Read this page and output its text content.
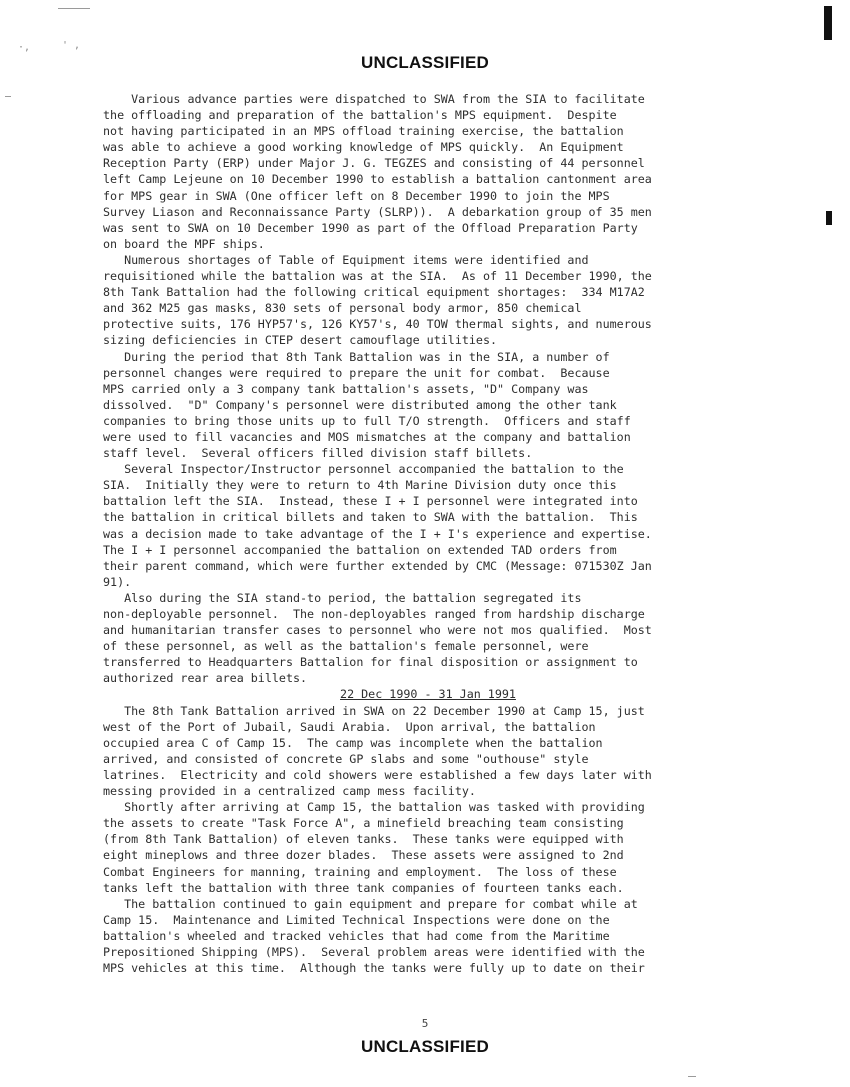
·,	' ,
UNCLASSIFIED
Various advance parties were dispatched to SWA from the SIA to facilitate
the offloading and preparation of the battalion's MPS equipment.  Despite
not having participated in an MPS offload training exercise, the battalion
was able to achieve a good working knowledge of MPS quickly.  An Equipment
Reception Party (ERP) under Major J. G. TEGZES and consisting of 44 personnel
left Camp Lejeune on 10 December 1990 to establish a battalion cantonment area
for MPS gear in SWA (One officer left on 8 December 1990 to join the MPS
Survey Liason and Reconnaissance Party (SLRP)).  A debarkation group of 35 men
was sent to SWA on 10 December 1990 as part of the Offload Preparation Party
on board the MPF ships.
Numerous shortages of Table of Equipment items were identified and
requisitioned while the battalion was at the SIA.  As of 11 December 1990, the
8th Tank Battalion had the following critical equipment shortages:  334 M17A2
and 362 M25 gas masks, 830 sets of personal body armor, 850 chemical
protective suits, 176 HYP57's, 126 KY57's, 40 TOW thermal sights, and numerous
sizing deficiencies in CTEP desert camouflage utilities.
During the period that 8th Tank Battalion was in the SIA, a number of
personnel changes were required to prepare the unit for combat.  Because
MPS carried only a 3 company tank battalion's assets, "D" Company was
dissolved.  "D" Company's personnel were distributed among the other tank
companies to bring those units up to full T/O strength.  Officers and staff
were used to fill vacancies and MOS mismatches at the company and battalion
staff level.  Several officers filled division staff billets.
Several Inspector/Instructor personnel accompanied the battalion to the
SIA.  Initially they were to return to 4th Marine Division duty once this
battalion left the SIA.  Instead, these I + I personnel were integrated into
the battalion in critical billets and taken to SWA with the battalion.  This
was a decision made to take advantage of the I + I's experience and expertise.
The I + I personnel accompanied the battalion on extended TAD orders from
their parent command, which were further extended by CMC (Message: 071530Z Jan
91).
Also during the SIA stand-to period, the battalion segregated its
non-deployable personnel.  The non-deployables ranged from hardship discharge
and humanitarian transfer cases to personnel who were not mos qualified.  Most
of these personnel, as well as the battalion's female personnel, were
transferred to Headquarters Battalion for final disposition or assignment to
authorized rear area billets.
22 Dec 1990 - 31 Jan 1991
The 8th Tank Battalion arrived in SWA on 22 December 1990 at Camp 15, just
west of the Port of Jubail, Saudi Arabia.  Upon arrival, the battalion
occupied area C of Camp 15.  The camp was incomplete when the battalion
arrived, and consisted of concrete GP slabs and some "outhouse" style
latrines.  Electricity and cold showers were established a few days later with
messing provided in a centralized camp mess facility.
Shortly after arriving at Camp 15, the battalion was tasked with providing
the assets to create "Task Force A", a minefield breaching team consisting
(from 8th Tank Battalion) of eleven tanks.  These tanks were equipped with
eight mineplows and three dozer blades.  These assets were assigned to 2nd
Combat Engineers for manning, training and employment.  The loss of these
tanks left the battalion with three tank companies of fourteen tanks each.
The battalion continued to gain equipment and prepare for combat while at
Camp 15.  Maintenance and Limited Technical Inspections were done on the
battalion's wheeled and tracked vehicles that had come from the Maritime
Prepositioned Shipping (MPS).  Several problem areas were identified with the
MPS vehicles at this time.  Although the tanks were fully up to date on their
5
UNCLASSIFIED
